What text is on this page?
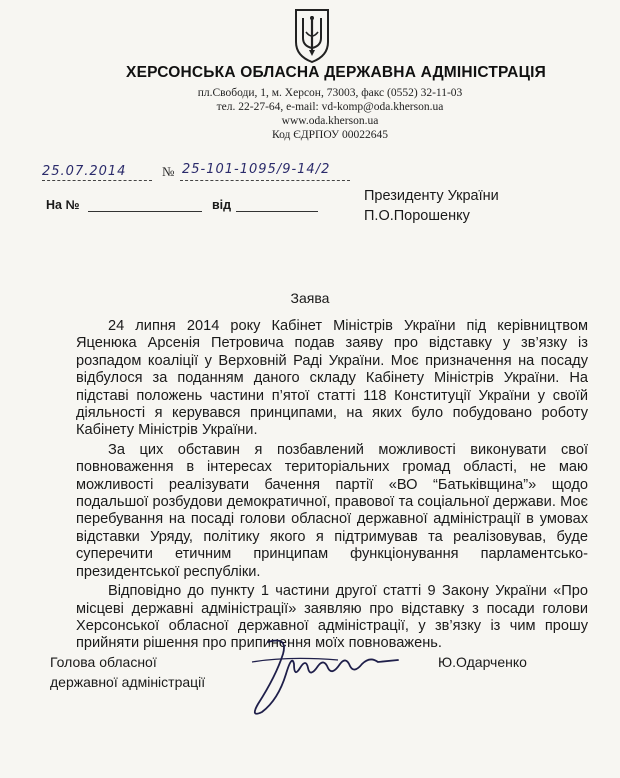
ХЕРСОНСЬКА ОБЛАСНА ДЕРЖАВНА АДМІНІСТРАЦІЯ
пл.Свободи, 1, м. Херсон, 73003, факс (0552) 32-11-03
тел. 22-27-64, e-mail: vd-komp@oda.kherson.ua
www.oda.kherson.ua
Код ЄДРПОУ 00022645
25.07.2014	№ 25-101-1095/9-14/2
На №	від
Президенту України
П.О.Порошенку
Заява

24 липня 2014 року Кабінет Міністрів України під керівництвом Яценюка Арсенія Петровича подав заяву про відставку у зв’язку із розпадом коаліції у Верховній Раді України. Моє призначення на посаду відбулося за поданням даного складу Кабінету Міністрів України. На підставі положень частини п’ятої статті 118 Конституції України у своїй діяльності я керувався принципами, на яких було побудовано роботу Кабінету Міністрів України.

За цих обставин я позбавлений можливості виконувати свої повноваження в інтересах територіальних громад області, не маю можливості реалізувати бачення партії «ВО “Батьківщина”» щодо подальшої розбудови демократичної, правової та соціальної держави. Моє перебування на посаді голови обласної державної адміністрації в умовах відставки Уряду, політику якого я підтримував та реалізовував, буде суперечити етичним принципам функціонування парламентсько-президентської республіки.

Відповідно до пункту 1 частини другої статті 9 Закону України «Про місцеві державні адміністрації» заявляю про відставку з посади голови Херсонської обласної державної адміністрації, у зв’язку із чим прошу прийняти рішення про припинення моїх повноважень.

Голова обласної
державної адміністрації
Ю.Одарченко
